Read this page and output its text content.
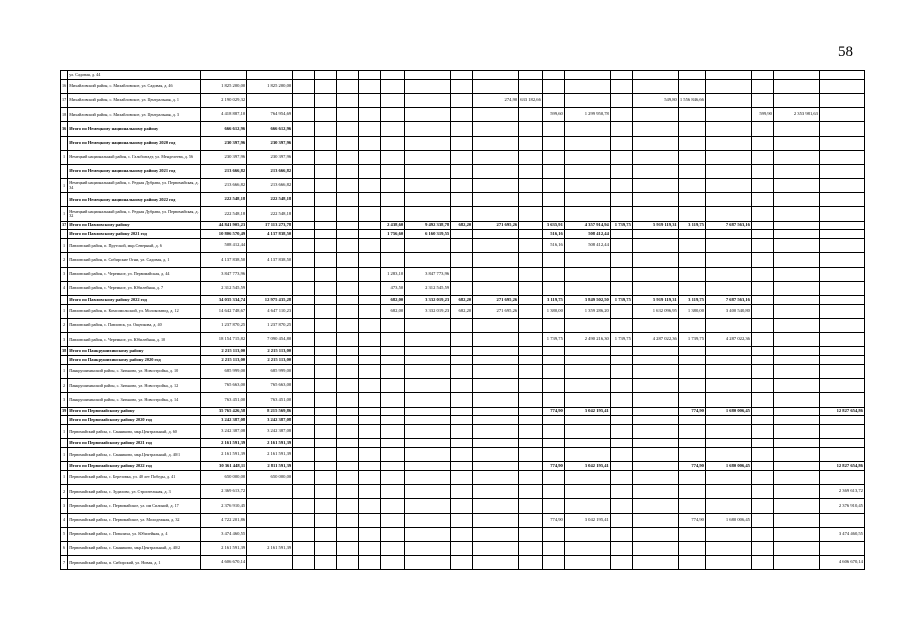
58
	ул. Садовая, д. 44																				
16	Михайловский район, с. Михайловское, ул. Садовая, д. 46	1 825 200,00	1 825 200,00																		
17	Михайловский район, с. Михайловское, ул. Центральная, д. 1	2 190 029,32									274,90	633 182,66				549,80	1 556 846,66				
18	Михайловский район, с. Михайловское, ул. Центральная, д. 3	4 418 887,10	764 954,69										599,60	1 299 950,78					599,90	2 353 981,63	
36	Итого по Немецкому национальному району	666 612,96	666 612,96																		
	Итого по Немецкому национальному району 2020 год	230 397,96	230 397,96																		
1	Немецкий национальный район, с. Гальбштадт, ул. Менделеева, д. 56	230 397,96	230 397,96																		
	Итого по Немецкому национальному району 2021 год	213 666,82	213 666,82																		
1	Немецкий национальный район, с. Редкая Дубрава, ул. Первомайская, д. 34	213 666,82	213 666,82																		
	Итого по Немецкому национальному району 2022 год	222 548,18	222 548,18																		
1	Немецкий национальный район, с. Редкая Дубрава, ул. Первомайская, д. 32	222 548,18	222 548,18																		
37	Итого по Павловскому району	44 841 905,23	17 113 273,78					2 438,60	9 492 338,78	682,20	271 695,26		3 635,91	4 357 914,94	1 739,75	5 919 119,31	3 119,75	7 687 563,16			
	Итого по Павловскому району 2021 год	10 806 570,49	4 137 838,50					1 756,60	6 160 319,55				516,16	508 412,44							
1	Павловский район, п. Прутской, мкр.Северный, д. 6	508 412,44											516,16	508 412,44							
2	Павловский район, п. Сибирские Огни, ул. Садовая, д. 1	4 137 838,50	4 137 838,50																		
3	Павловский район, с. Черемное, ул. Первомайская, д. 44	3 847 773,96						1 283,10	3 847 773,96												
4	Павловский район, с. Черемное, ул. Юбилейная, д. 7	2 312 545,59						473,50	2 312 545,59												
	Итого по Павловскому району 2022 год	34 035 334,74	12 975 435,28					682,00	3 332 019,23	682,20	271 695,26		3 119,75	3 849 502,50	1 739,75	5 919 119,31	3 119,75	7 687 563,16			
1	Павловский район, п. Комсомольский, ул. Молокозавод, д. 12	14 642 748,67	4 647 110,23					682,00	3 332 019,23	682,20	271 695,26		1 380,00	1 359 286,20		1 632 096,95	1 380,00	3 400 540,80			
2	Павловский район, с. Павловск, ул. Ощепкова, д. 40	1 237 870,25	1 237 870,25																		
3	Павловский район, с. Черемное, ул. Юбилейная, д. 10	18 154 715,82	7 090 454,80										1 739,75	2 490 216,30	1 739,75	4 287 022,36	1 739,75	4 287 022,36			
38	Итого по Панкрушихинскому району	2 215 113,00	2 215 113,00																		
	Итого по Панкрушихинскому району 2020 год	2 215 113,00	2 215 113,00																		
1	Панкрушихинский район, с. Зятьково, ул. Новостройка, д. 10	685 999,00	685 999,00																		
2	Панкрушихинский район, с. Зятьково, ул. Новостройка, д. 12	765 663,00	765 663,00																		
3	Панкрушихинский район, с. Зятьково, ул. Новостройка, д. 14	763 451,00	763 451,00																		
39	Итого по Первомайскому району	35 765 426,58	8 215 569,86										774,90	3 042 195,41			774,90	1 680 006,45			12 827 654,86
	Итого по Первомайскому району 2020 год	3 242 387,08	3 242 387,08																		
1	Первомайский район, с. Санниково, мкр.Центральный, д. 60	3 242 387,08	3 242 387,08																		
	Итого по Первомайскому району 2021 год	2 161 591,39	2 161 591,39																		
1	Первомайский район, с. Санниково, мкр.Центральный, д. 40/1	2 161 591,39	2 161 591,39																		
	Итого по Первомайскому району 2022 год	30 361 448,11	2 811 591,39										774,90	3 042 195,41			774,90	1 680 006,45			12 827 654,86
1	Первомайский район, с. Березовка, ул. 40 лет Победы, д. 41	650 000,00	650 000,00																		
2	Первомайский район, с. Зудилово, ул. Строительная, д. 3	2 369 613,72																			2 369 613,72
3	Первомайский район, с. Первомайское, ул. им Силиной, д. 17	2 376 910,45																			2 376 910,45
4	Первомайский район, с. Первомайское, ул. Молодежная, д. 32	4 722 201,86											774,90	3 042 195,41			774,90	1 680 006,45			
5	Первомайский район, с. Повалиха, ул. Юбилейная, д. 4	3 474 460,55																			3 474 460,55
6	Первомайский район, с. Санниково, мкр.Центральный, д. 40/2	2 161 591,39	2 161 591,39																		
7	Первомайский район, п. Сибирский, ул. Новая, д. 1	4 606 670,14																			4 606 670,14
